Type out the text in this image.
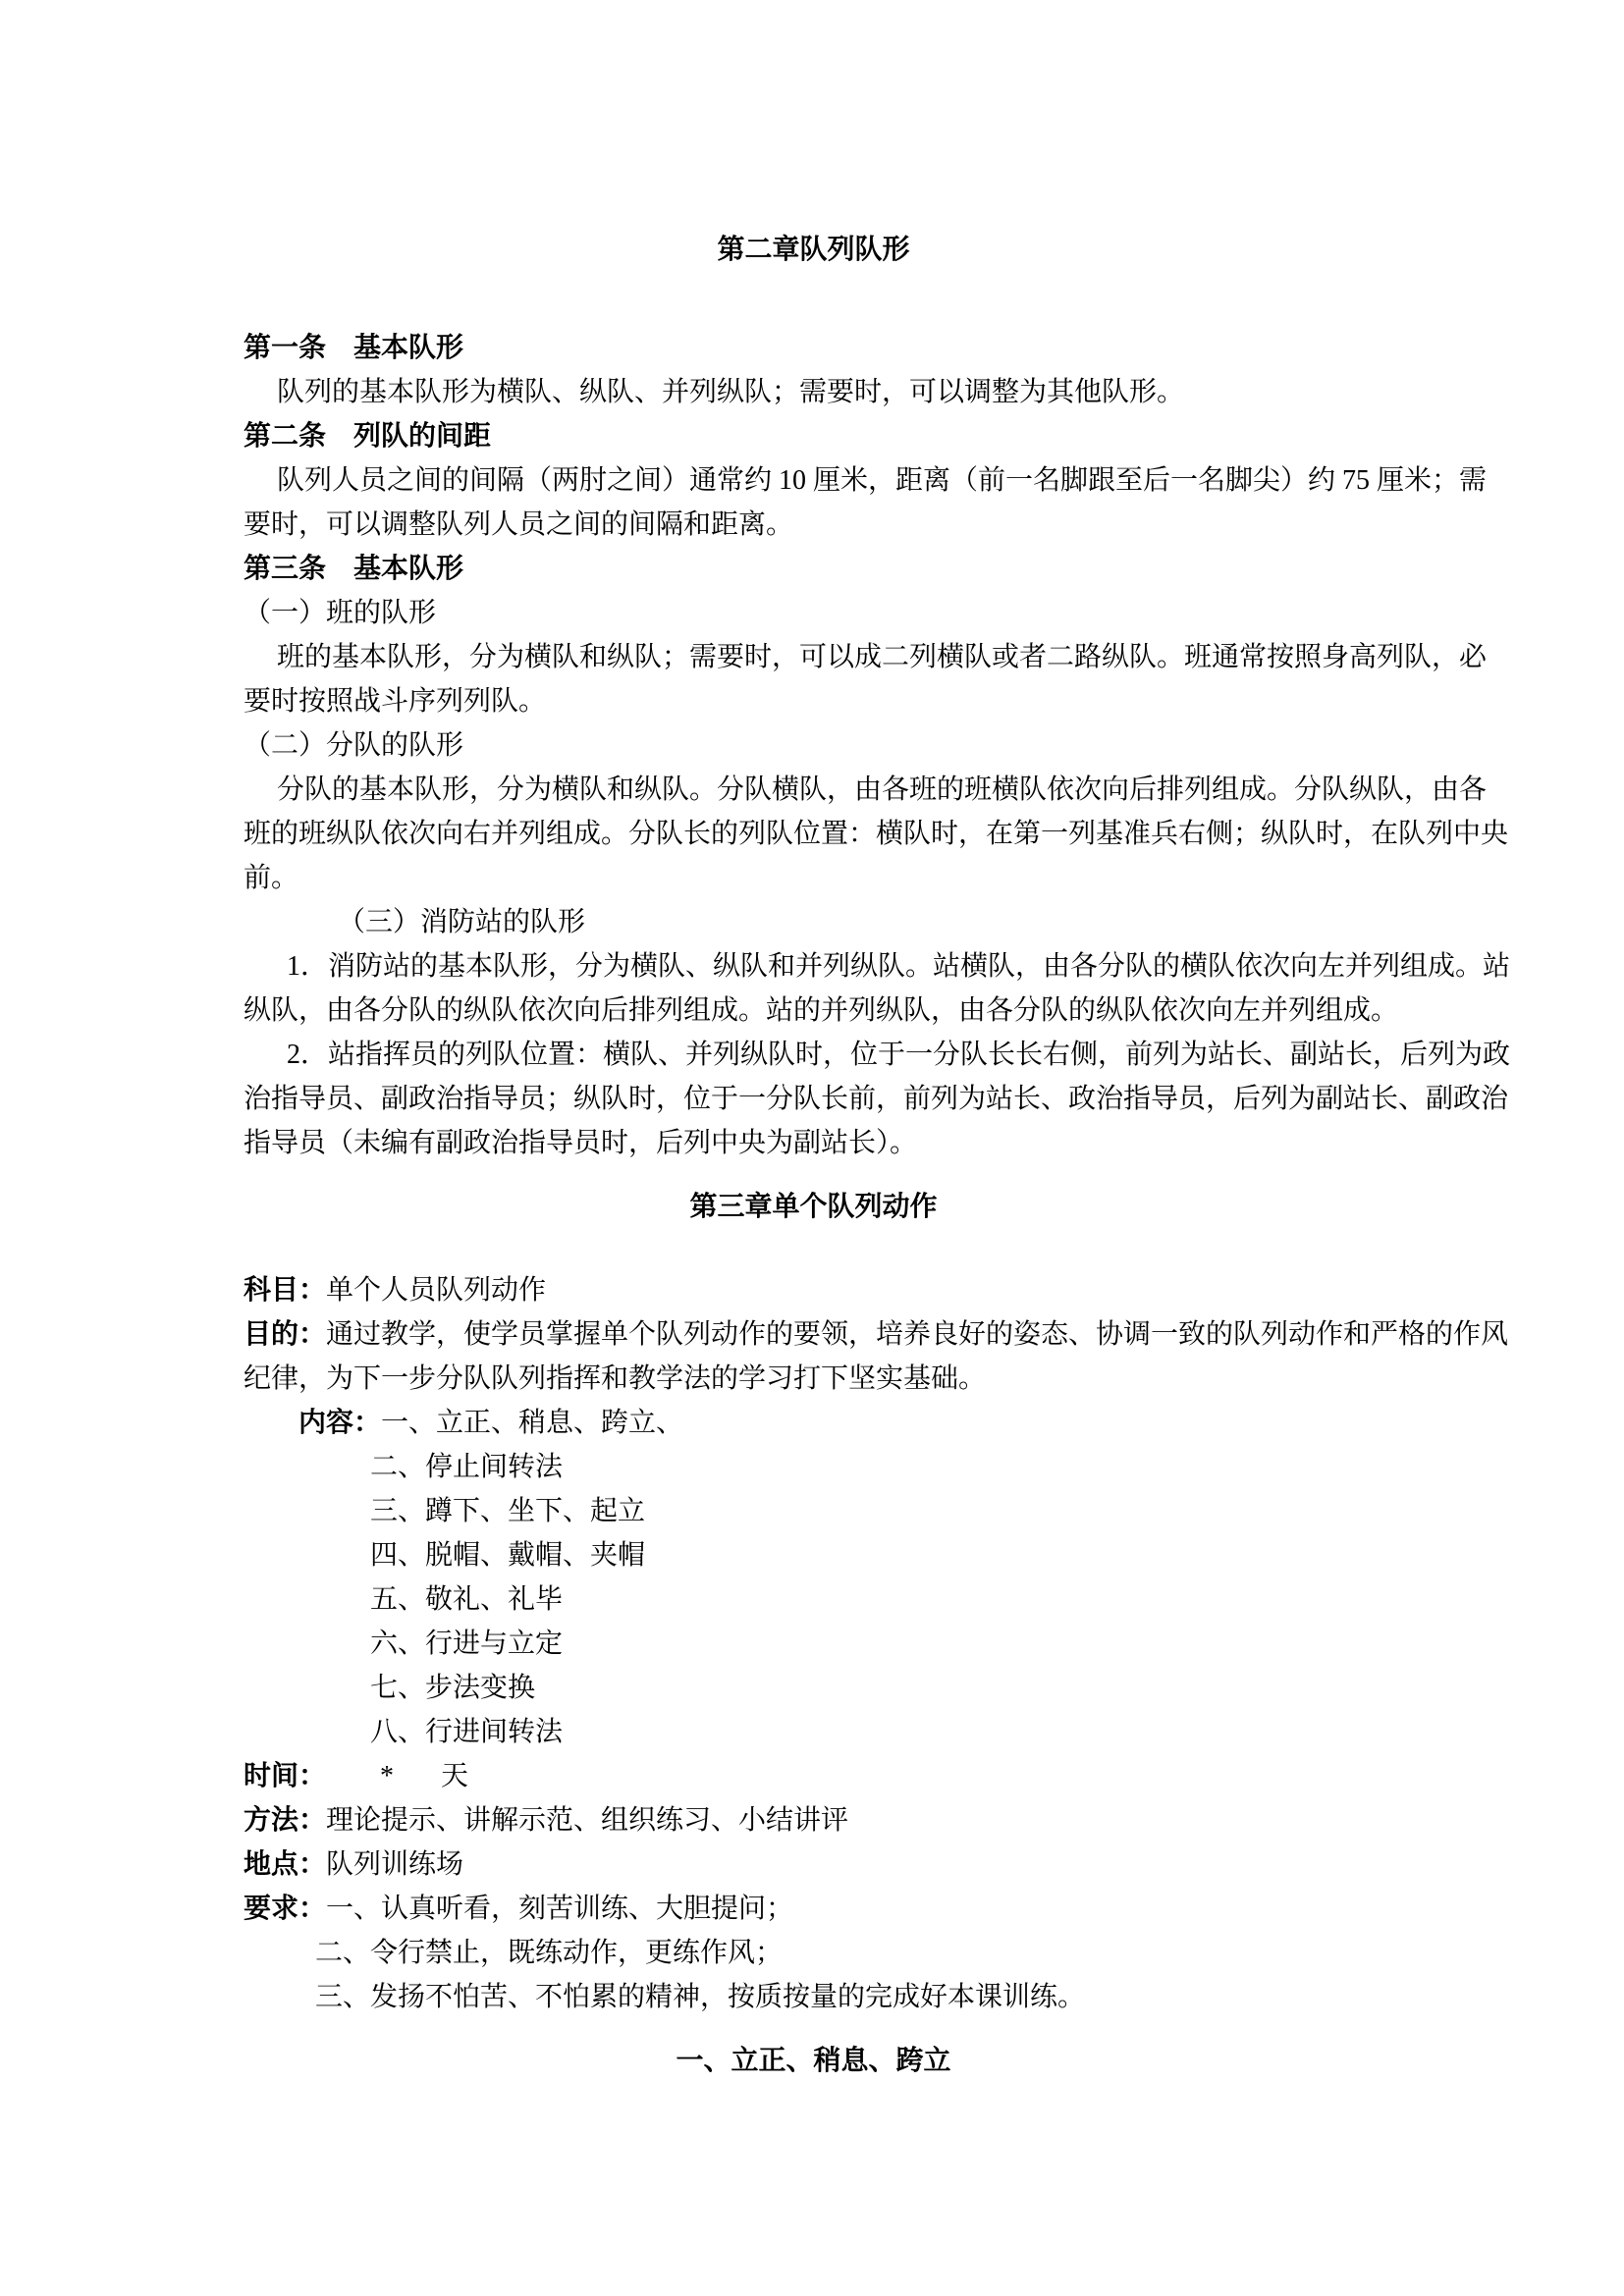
第二章队列队形
第一条　基本队形
队列的基本队形为横队、纵队、并列纵队；需要时，可以调整为其他队形。
第二条　列队的间距
队列人员之间的间隔（两肘之间）通常约 10 厘米，距离（前一名脚跟至后一名脚尖）约 75 厘米；需
要时，可以调整队列人员之间的间隔和距离。
第三条　基本队形
（一）班的队形
班的基本队形，分为横队和纵队；需要时，可以成二列横队或者二路纵队。班通常按照身高列队，必
要时按照战斗序列列队。
（二）分队的队形
分队的基本队形，分为横队和纵队。分队横队，由各班的班横队依次向后排列组成。分队纵队，由各
班的班纵队依次向右并列组成。分队长的列队位置：横队时，在第一列基准兵右侧；纵队时，在队列中央
前。
（三）消防站的队形
1．消防站的基本队形，分为横队、纵队和并列纵队。站横队，由各分队的横队依次向左并列组成。站
纵队，由各分队的纵队依次向后排列组成。站的并列纵队，由各分队的纵队依次向左并列组成。
2．站指挥员的列队位置：横队、并列纵队时，位于一分队长长右侧，前列为站长、副站长，后列为政
治指导员、副政治指导员；纵队时，位于一分队长前，前列为站长、政治指导员，后列为副站长、副政治
指导员（未编有副政治指导员时，后列中央为副站长）。
第三章单个队列动作
科目：单个人员队列动作
目的：通过教学，使学员掌握单个队列动作的要领，培养良好的姿态、协调一致的队列动作和严格的作风
纪律，为下一步分队队列指挥和教学法的学习打下坚实基础。
内容：一、立正、稍息、跨立、
二、停止间转法
三、蹲下、坐下、起立
四、脱帽、戴帽、夹帽
五、敬礼、礼毕
六、行进与立定
七、步法变换
八、行进间转法
时间： * 天
方法：理论提示、讲解示范、组织练习、小结讲评
地点：队列训练场
要求：一、认真听看，刻苦训练、大胆提问；
二、令行禁止，既练动作，更练作风；
三、发扬不怕苦、不怕累的精神，按质按量的完成好本课训练。
一、立正、稍息、跨立
